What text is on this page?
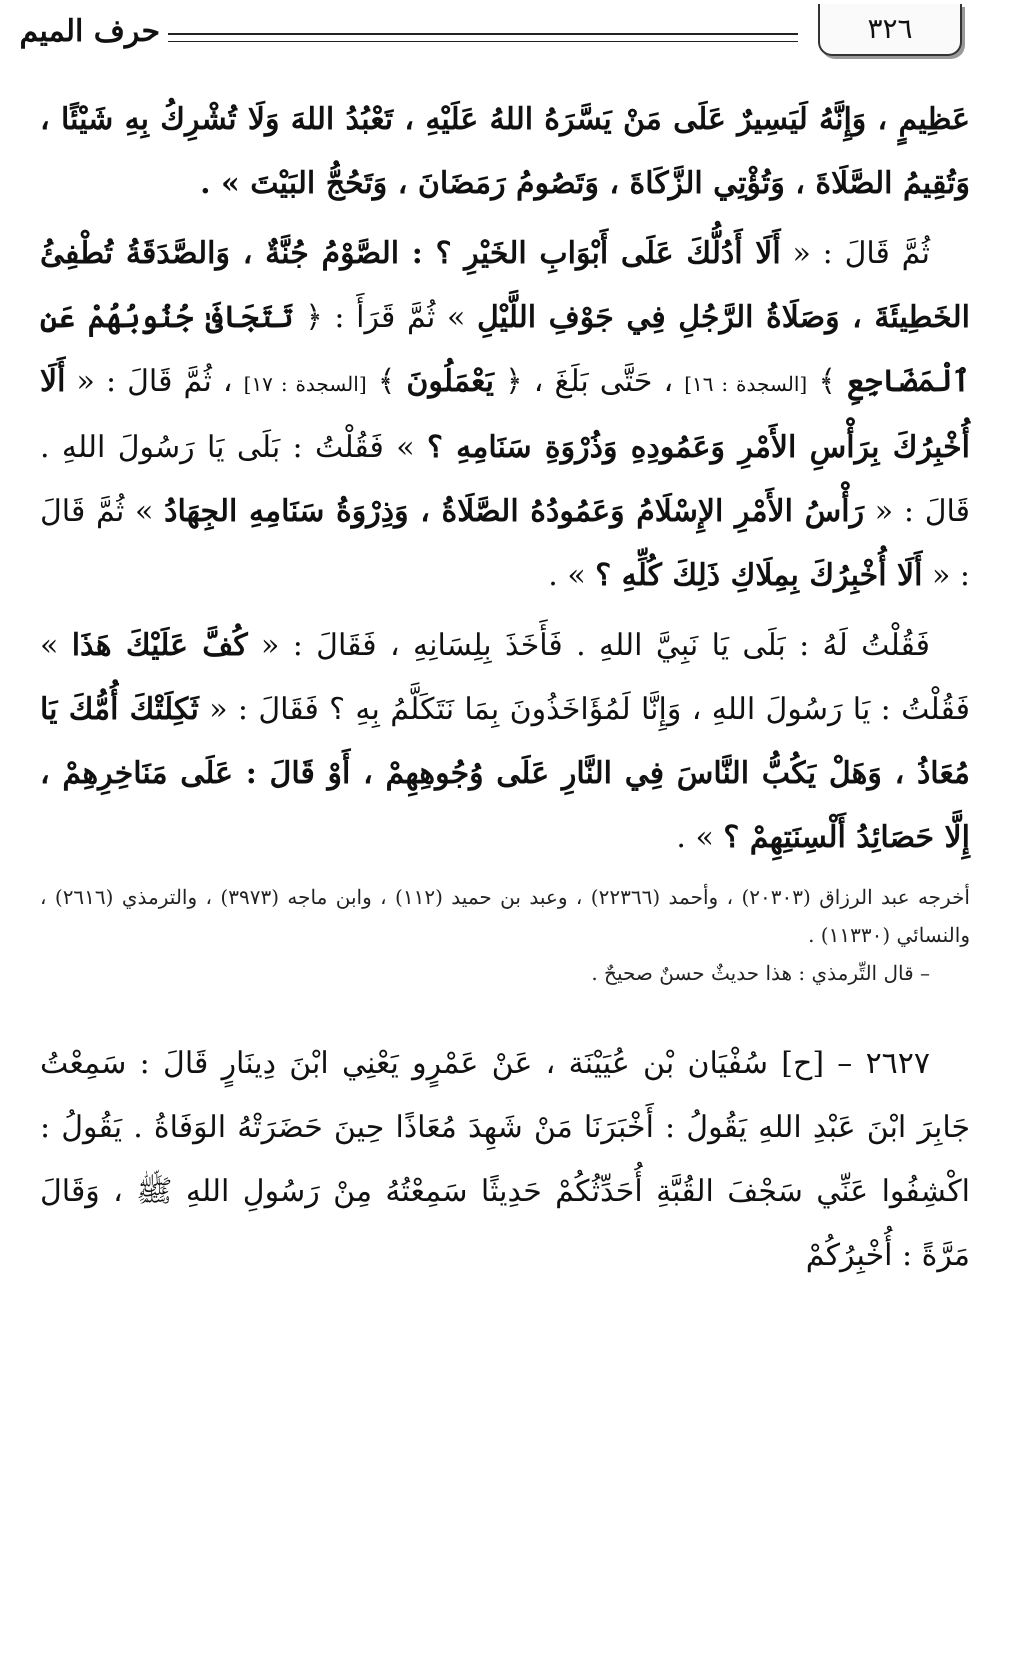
٣٢٦
حرف الميم

عَظِيمٍ ، وَإِنَّهُ لَيَسِيرٌ عَلَى مَنْ يَسَّرَهُ اللهُ عَلَيْهِ ، تَعْبُدُ اللهَ وَلَا تُشْرِكُ بِهِ شَيْئًا ، وَتُقِيمُ الصَّلَاةَ ، وَتُؤْتِي الزَّكَاةَ ، وَتَصُومُ رَمَضَانَ ، وَتَحُجُّ البَيْتَ » .

ثُمَّ قَالَ : « أَلَا أَدُلُّكَ عَلَى أَبْوَابِ الخَيْرِ ؟ : الصَّوْمُ جُنَّةٌ ، وَالصَّدَقَةُ تُطْفِئُ الخَطِيئَةَ ، وَصَلَاةُ الرَّجُلِ فِي جَوْفِ اللَّيْلِ » ثُمَّ قَرَأَ : ﴿ تَتَجَافَىٰ جُنُوبُهُمْ عَنِ ٱلْمَضَاجِعِ ﴾ [السجدة : ١٦] ، حَتَّى بَلَغَ ، ﴿ يَعْمَلُونَ ﴾ [السجدة : ١٧] ، ثُمَّ قَالَ : « أَلَا أُخْبِرُكَ بِرَأْسِ الأَمْرِ وَعَمُودِهِ وَذُرْوَةِ سَنَامِهِ ؟ » فَقُلْتُ : بَلَى يَا رَسُولَ اللهِ . قَالَ : « رَأْسُ الأَمْرِ الإِسْلَامُ وَعَمُودُهُ الصَّلَاةُ ، وَذِرْوَةُ سَنَامِهِ الجِهَادُ » ثُمَّ قَالَ : « أَلَا أُخْبِرُكَ بِمِلَاكِ ذَلِكَ كُلِّهِ ؟ » .

فَقُلْتُ لَهُ : بَلَى يَا نَبِيَّ اللهِ . فَأَخَذَ بِلِسَانِهِ ، فَقَالَ : « كُفَّ عَلَيْكَ هَذَا » فَقُلْتُ : يَا رَسُولَ اللهِ ، وَإِنَّا لَمُؤَاخَذُونَ بِمَا نَتَكَلَّمُ بِهِ ؟ فَقَالَ : « ثَكِلَتْكَ أُمُّكَ يَا مُعَاذُ ، وَهَلْ يَكُبُّ النَّاسَ فِي النَّارِ عَلَى وُجُوهِهِمْ ، أَوْ قَالَ : عَلَى مَنَاخِرِهِمْ ، إِلَّا حَصَائِدُ أَلْسِنَتِهِمْ ؟ » .

أخرجه عبد الرزاق (٢٠٣٠٣) ، وأحمد (٢٢٣٦٦) ، وعبد بن حميد (١١٢) ، وابن ماجه (٣٩٧٣) ، والترمذي (٢٦١٦) ، والنسائي (١١٣٣٠) .

– قال التِّرمذي : هذا حديثٌ حسنٌ صحيحٌ .

٢٦٢٧ – [ح] سُفْيَان بْن عُيَيْنَة ، عَنْ عَمْرٍو يَعْنِي ابْنَ دِينَارٍ قَالَ : سَمِعْتُ جَابِرَ ابْنَ عَبْدِ اللهِ يَقُولُ : أَخْبَرَنَا مَنْ شَهِدَ مُعَاذًا حِينَ حَضَرَتْهُ الوَفَاةُ . يَقُولُ : اكْشِفُوا عَنِّي سَجْفَ القُبَّةِ أُحَدِّثُكُمْ حَدِيثًا سَمِعْتُهُ مِنْ رَسُولِ اللهِ ﷺ ، وَقَالَ مَرَّةً : أُخْبِرُكُمْ
